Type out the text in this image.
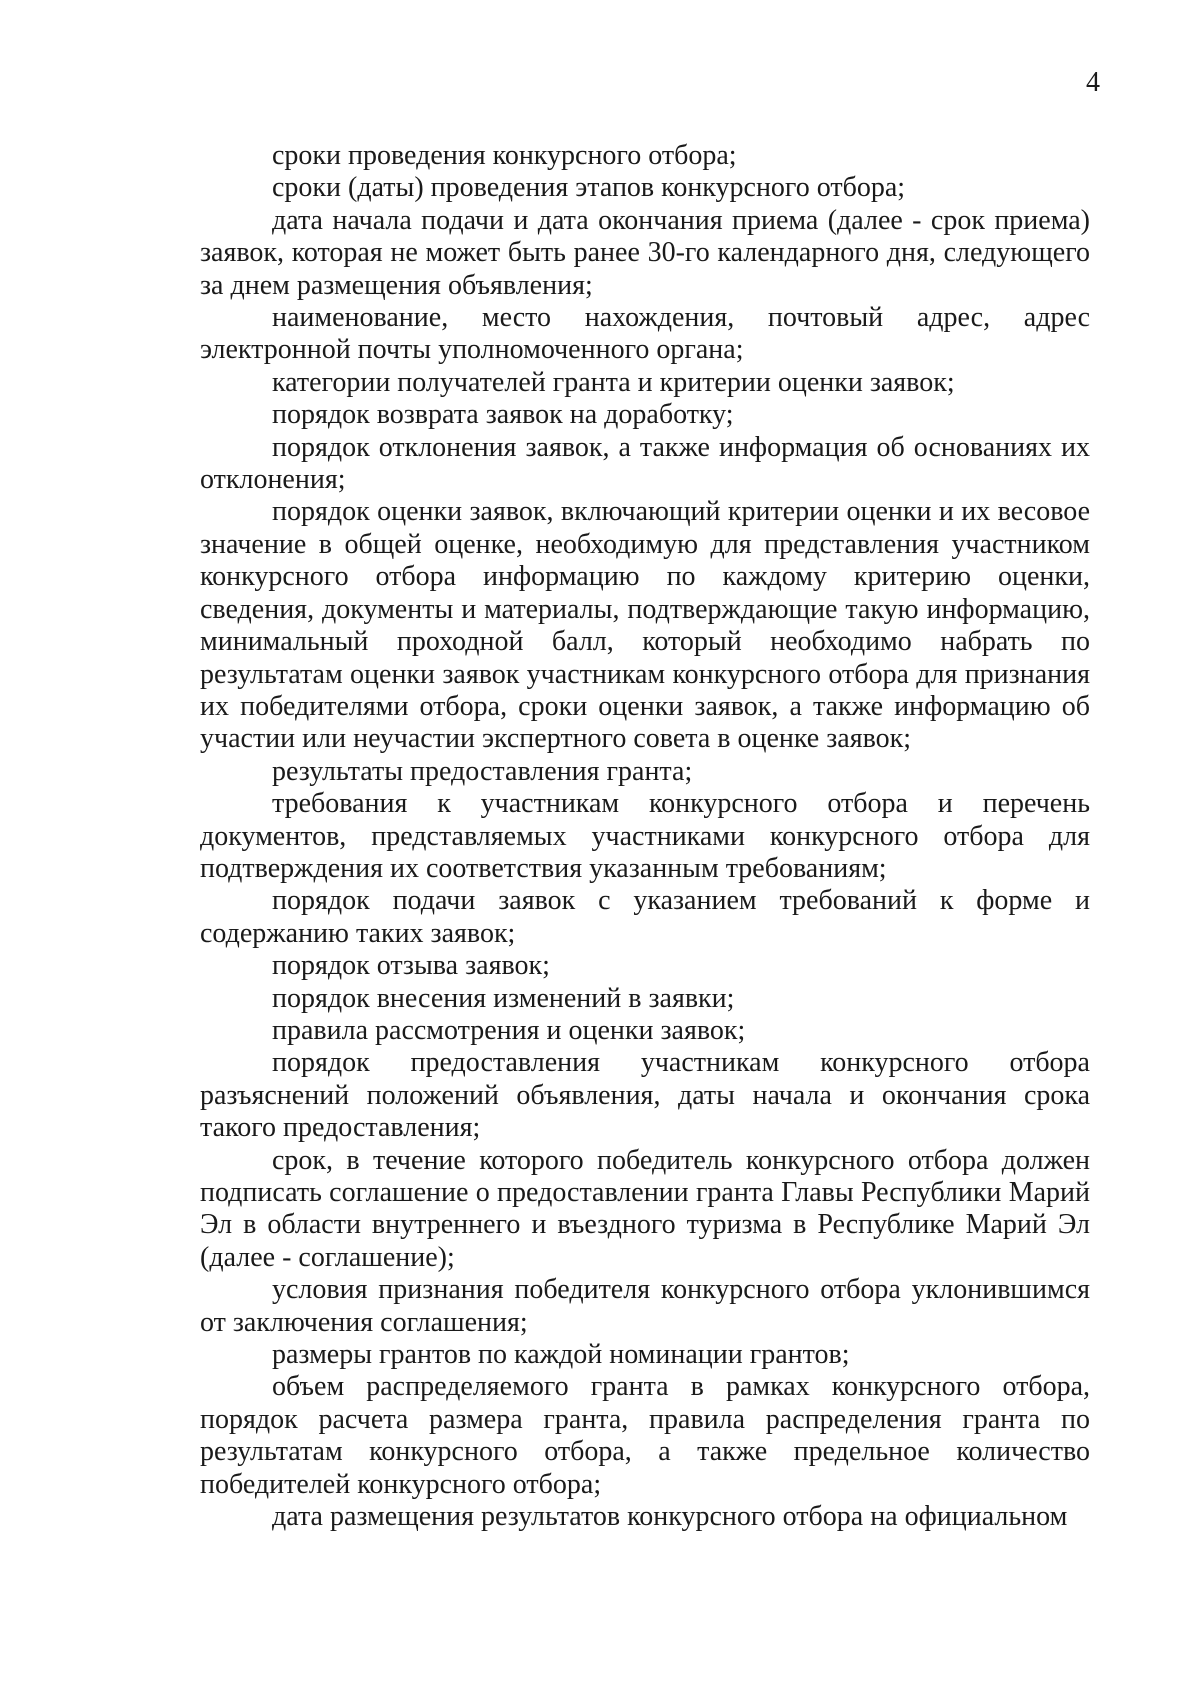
4

сроки проведения конкурсного отбора;

сроки (даты) проведения этапов конкурсного отбора;

дата начала подачи и дата окончания приема (далее - срок приема) заявок, которая не может быть ранее 30-го календарного дня, следующего за днем размещения объявления;

наименование, место нахождения, почтовый адрес, адрес электронной почты уполномоченного органа;

категории получателей гранта и критерии оценки заявок;

порядок возврата заявок на доработку;

порядок отклонения заявок, а также информация об основаниях их отклонения;

порядок оценки заявок, включающий критерии оценки и их весовое значение в общей оценке, необходимую для представления участником конкурсного отбора информацию по каждому критерию оценки, сведения, документы и материалы, подтверждающие такую информацию, минимальный проходной балл, который необходимо набрать по результатам оценки заявок участникам конкурсного отбора для признания их победителями отбора, сроки оценки заявок, а также информацию об участии или неучастии экспертного совета в оценке заявок;

результаты предоставления гранта;

требования к участникам конкурсного отбора и перечень документов, представляемых участниками конкурсного отбора для подтверждения их соответствия указанным требованиям;

порядок подачи заявок с указанием требований к форме и содержанию таких заявок;

порядок отзыва заявок;

порядок внесения изменений в заявки;

правила рассмотрения и оценки заявок;

порядок предоставления участникам конкурсного отбора разъяснений положений объявления, даты начала и окончания срока такого предоставления;

срок, в течение которого победитель конкурсного отбора должен подписать соглашение о предоставлении гранта Главы Республики Марий Эл в области внутреннего и въездного туризма в Республике Марий Эл (далее - соглашение);

условия признания победителя конкурсного отбора уклонившимся от заключения соглашения;

размеры грантов по каждой номинации грантов;

объем распределяемого гранта в рамках конкурсного отбора, порядок расчета размера гранта, правила распределения гранта по результатам конкурсного отбора, а также предельное количество победителей конкурсного отбора;

дата размещения результатов конкурсного отбора на официальном
